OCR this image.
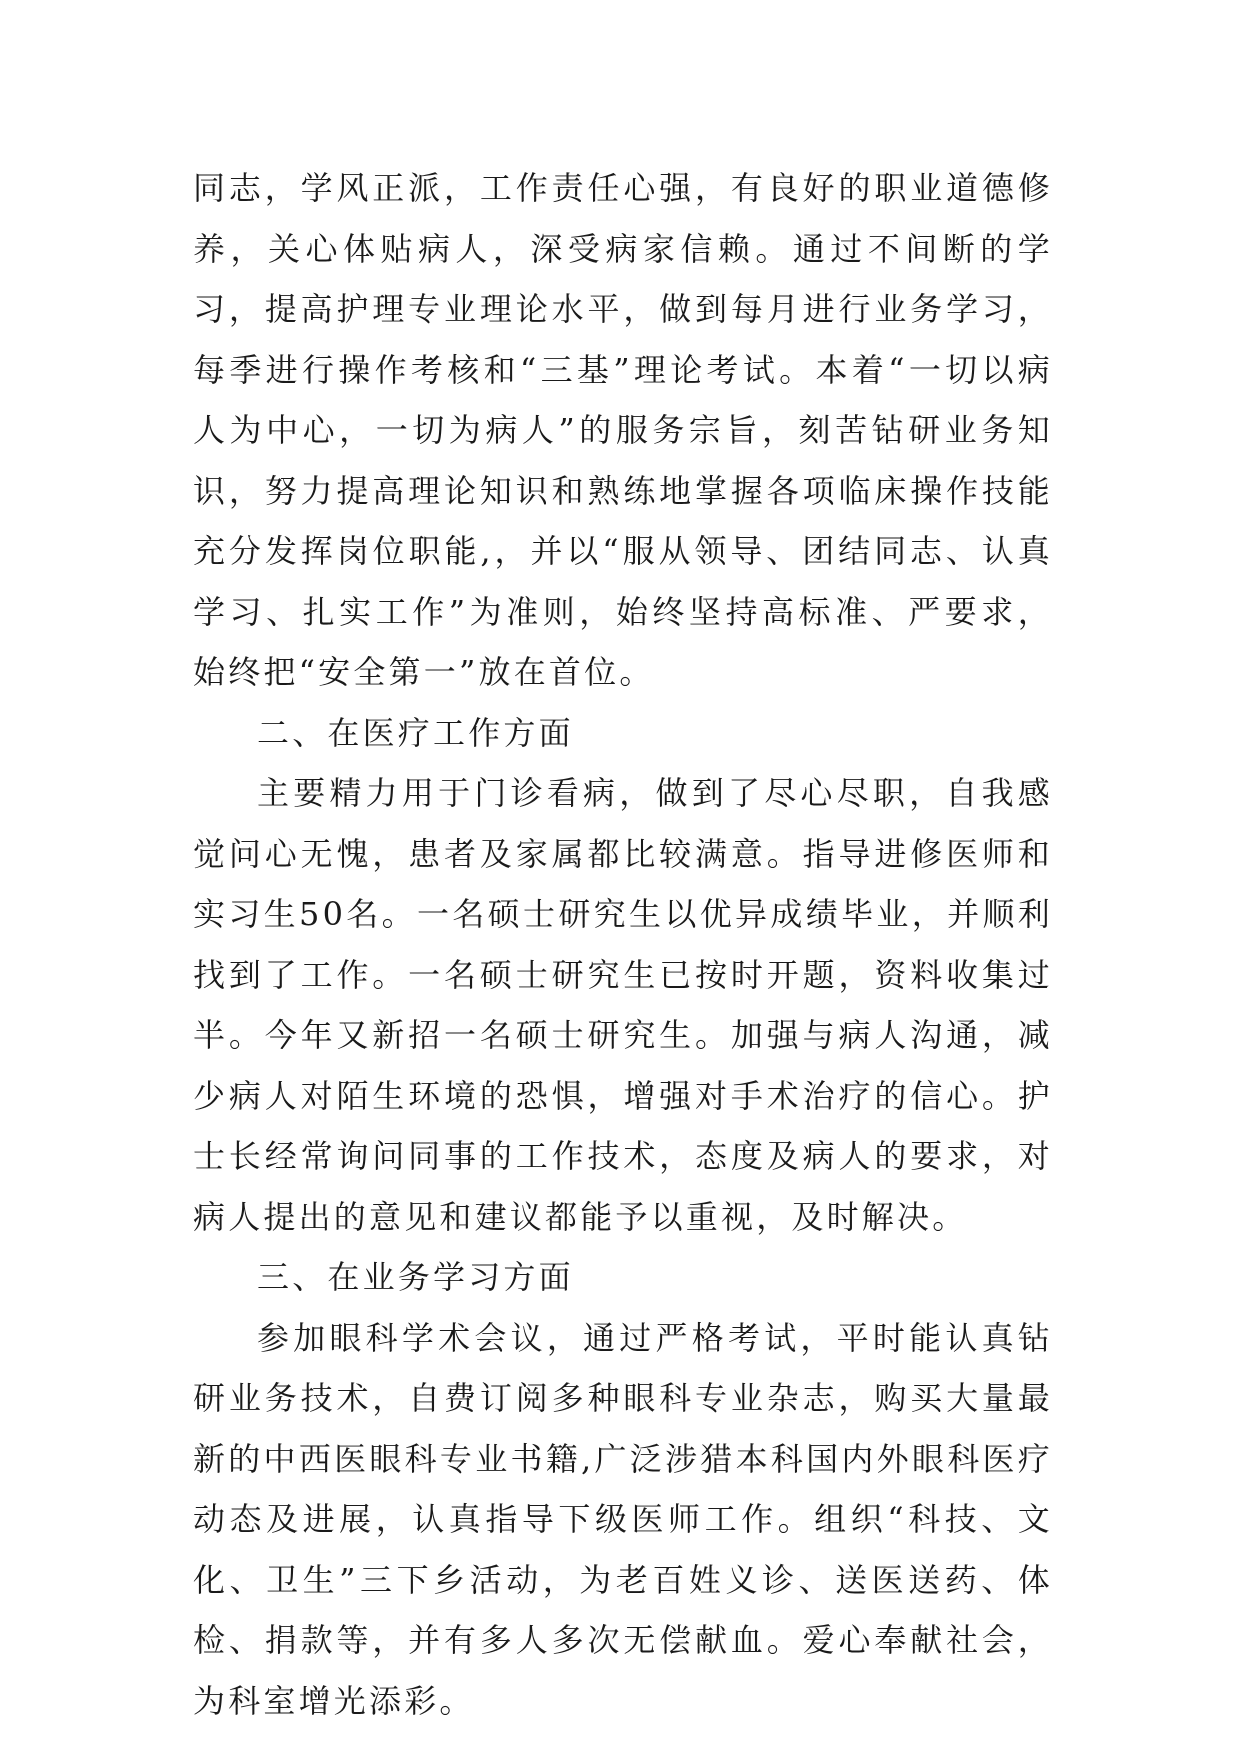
同志，学风正派，工作责任心强，有良好的职业道德修养，关心体贴病人，深受病家信赖。通过不间断的学习，提高护理专业理论水平，做到每月进行业务学习，每季进行操作考核和“三基”理论考试。本着“一切以病人为中心，一切为病人”的服务宗旨，刻苦钻研业务知识，努力提高理论知识和熟练地掌握各项临床操作技能充分发挥岗位职能,，并以“服从领导、团结同志、认真学习、扎实工作”为准则，始终坚持高标准、严要求，始终把“安全第一”放在首位。

二、在医疗工作方面

主要精力用于门诊看病，做到了尽心尽职，自我感觉问心无愧，患者及家属都比较满意。指导进修医师和实习生50名。一名硕士研究生以优异成绩毕业，并顺利找到了工作。一名硕士研究生已按时开题，资料收集过半。今年又新招一名硕士研究生。加强与病人沟通，减少病人对陌生环境的恐惧，增强对手术治疗的信心。护士长经常询问同事的工作技术，态度及病人的要求，对病人提出的意见和建议都能予以重视，及时解决。

三、在业务学习方面

参加眼科学术会议，通过严格考试，平时能认真钻研业务技术，自费订阅多种眼科专业杂志，购买大量最新的中西医眼科专业书籍,广泛涉猎本科国内外眼科医疗动态及进展，认真指导下级医师工作。组织“科技、文化、卫生”三下乡活动，为老百姓义诊、送医送药、体检、捐款等，并有多人多次无偿献血。爱心奉献社会，为科室增光添彩。
